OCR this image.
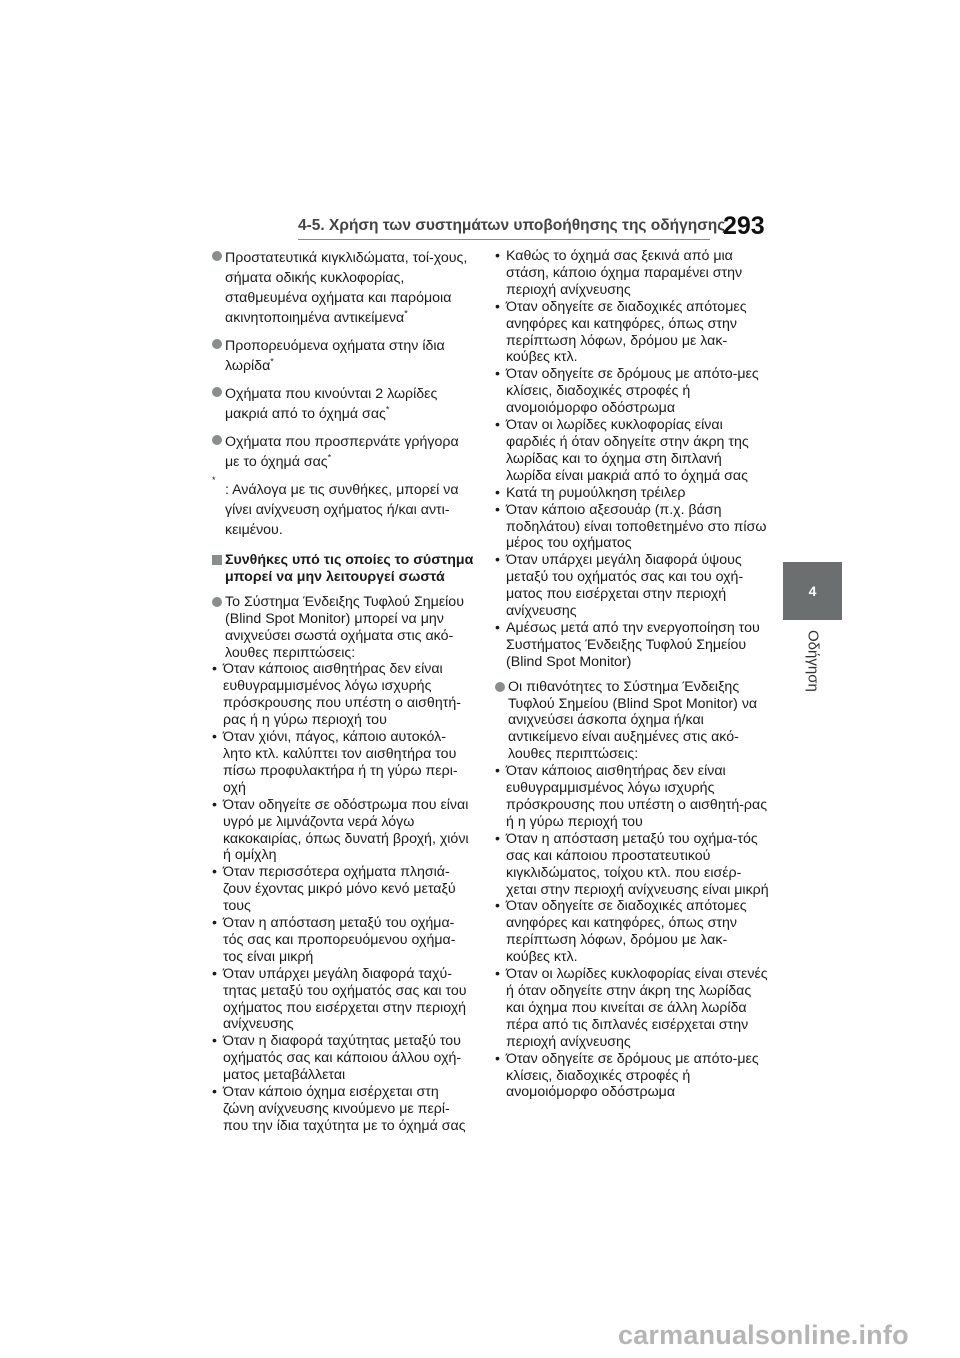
4-5. Χρήση των συστημάτων υποβοήθησης της οδήγησης
293
4
Οδήγηση
Προστατευτικά κιγκλιδώματα, τοί-χους, σήματα οδικής κυκλοφορίας, σταθμευμένα οχήματα και παρόμοια ακινητοποιημένα αντικείμενα*
Προπορευόμενα οχήματα στην ίδια λωρίδα*
Οχήματα που κινούνται 2 λωρίδες μακριά από το όχημά σας*
Οχήματα που προσπερνάτε γρήγορα με το όχημά σας*
*
: Ανάλογα με τις συνθήκες, μπορεί να γίνει ανίχνευση οχήματος ή/και αντι-κειμένου.
Συνθήκες υπό τις οποίες το σύστημα μπορεί να μην λειτουργεί σωστά
Το Σύστημα Ένδειξης Τυφλού Σημείου (Blind Spot Monitor) μπορεί να μην ανιχνεύσει σωστά οχήματα στις ακό-λουθες περιπτώσεις:
• Όταν κάποιος αισθητήρας δεν είναι ευθυγραμμισμένος λόγω ισχυρής πρόσκρουσης που υπέστη ο αισθητή-ρας ή η γύρω περιοχή του
• Όταν χιόνι, πάγος, κάποιο αυτοκόλ-λητο κτλ. καλύπτει τον αισθητήρα του πίσω προφυλακτήρα ή τη γύρω περι-οχή
• Όταν οδηγείτε σε οδόστρωμα που είναι υγρό με λιμνάζοντα νερά λόγω κακοκαιρίας, όπως δυνατή βροχή, χιόνι ή ομίχλη
• Όταν περισσότερα οχήματα πλησιά-ζουν έχοντας μικρό μόνο κενό μεταξύ τους
• Όταν η απόσταση μεταξύ του οχήμα-τός σας και προπορευόμενου οχήμα-τος είναι μικρή
• Όταν υπάρχει μεγάλη διαφορά ταχύ-τητας μεταξύ του οχήματός σας και του οχήματος που εισέρχεται στην περιοχή ανίχνευσης
• Όταν η διαφορά ταχύτητας μεταξύ του οχήματός σας και κάποιου άλλου οχή-ματος μεταβάλλεται
• Όταν κάποιο όχημα εισέρχεται στη ζώνη ανίχνευσης κινούμενο με περί-που την ίδια ταχύτητα με το όχημά σας
• Καθώς το όχημά σας ξεκινά από μια στάση, κάποιο όχημα παραμένει στην περιοχή ανίχνευσης
• Όταν οδηγείτε σε διαδοχικές απότομες ανηφόρες και κατηφόρες, όπως στην περίπτωση λόφων, δρόμου με λακ-κούβες κτλ.
• Όταν οδηγείτε σε δρόμους με απότο-μες κλίσεις, διαδοχικές στροφές ή ανομοιόμορφο οδόστρωμα
• Όταν οι λωρίδες κυκλοφορίας είναι φαρδιές ή όταν οδηγείτε στην άκρη της λωρίδας και το όχημα στη διπλανή λωρίδα είναι μακριά από το όχημά σας
• Κατά τη ρυμούλκηση τρέιλερ
• Όταν κάποιο αξεσουάρ (π.χ. βάση ποδηλάτου) είναι τοποθετημένο στο πίσω μέρος του οχήματος
• Όταν υπάρχει μεγάλη διαφορά ύψους μεταξύ του οχήματός σας και του οχή-ματος που εισέρχεται στην περιοχή ανίχνευσης
• Αμέσως μετά από την ενεργοποίηση του Συστήματος Ένδειξης Τυφλού Σημείου (Blind Spot Monitor)
Οι πιθανότητες το Σύστημα Ένδειξης Τυφλού Σημείου (Blind Spot Monitor) να ανιχνεύσει άσκοπα όχημα ή/και αντικείμενο είναι αυξημένες στις ακό-λουθες περιπτώσεις:
• Όταν κάποιος αισθητήρας δεν είναι ευθυγραμμισμένος λόγω ισχυρής πρόσκρουσης που υπέστη ο αισθητή-ρας ή η γύρω περιοχή του
• Όταν η απόσταση μεταξύ του οχήμα-τός σας και κάποιου προστατευτικού κιγκλιδώματος, τοίχου κτλ. που εισέρ-χεται στην περιοχή ανίχνευσης είναι μικρή
• Όταν οδηγείτε σε διαδοχικές απότομες ανηφόρες και κατηφόρες, όπως στην περίπτωση λόφων, δρόμου με λακ-κούβες κτλ.
• Όταν οι λωρίδες κυκλοφορίας είναι στενές ή όταν οδηγείτε στην άκρη της λωρίδας και όχημα που κινείται σε άλλη λωρίδα πέρα από τις διπλανές εισέρχεται στην περιοχή ανίχνευσης
• Όταν οδηγείτε σε δρόμους με απότο-μες κλίσεις, διαδοχικές στροφές ή ανομοιόμορφο οδόστρωμα
carmanualsonline.info
